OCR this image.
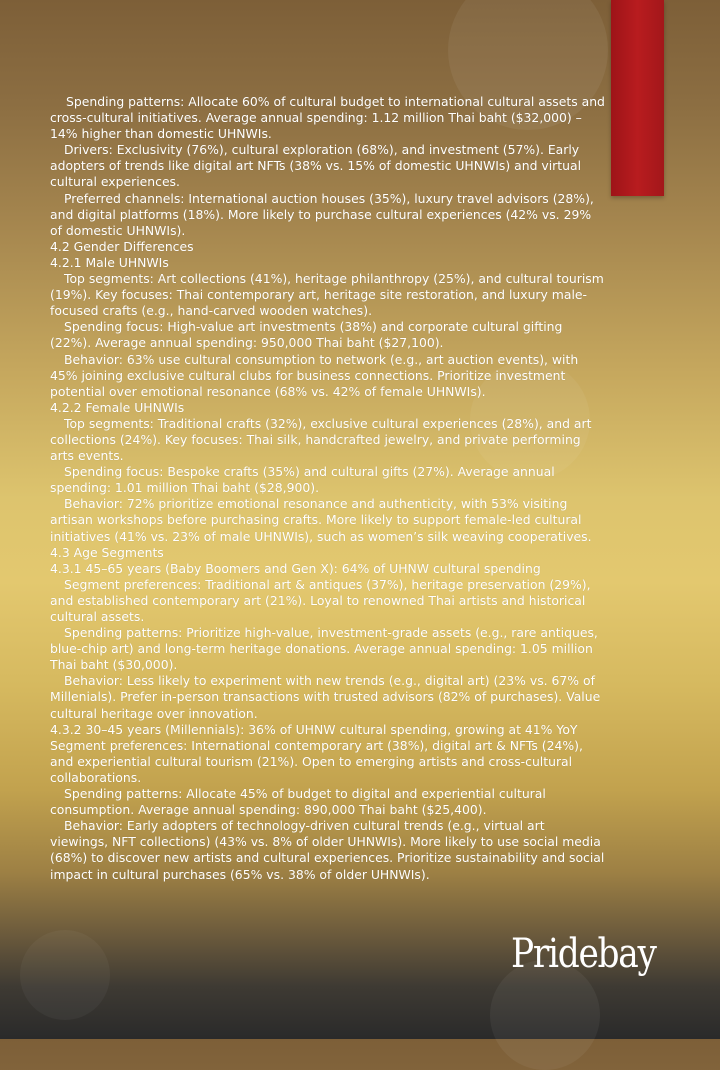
Spending patterns: Allocate 60% of cultural budget to international cultural assets and cross-cultural initiatives. Average annual spending: 1.12 million Thai baht ($32,000) – 14% higher than domestic UHNWIs.

Drivers: Exclusivity (76%), cultural exploration (68%), and investment (57%). Early adopters of trends like digital art NFTs (38% vs. 15% of domestic UHNWIs) and virtual cultural experiences.

Preferred channels: International auction houses (35%), luxury travel advisors (28%), and digital platforms (18%). More likely to purchase cultural experiences (42% vs. 29% of domestic UHNWIs).

4.2 Gender Differences

4.2.1 Male UHNWIs

Top segments: Art collections (41%), heritage philanthropy (25%), and cultural tourism (19%). Key focuses: Thai contemporary art, heritage site restoration, and luxury male-focused crafts (e.g., hand-carved wooden watches).

Spending focus: High-value art investments (38%) and corporate cultural gifting (22%). Average annual spending: 950,000 Thai baht ($27,100).

Behavior: 63% use cultural consumption to network (e.g., art auction events), with 45% joining exclusive cultural clubs for business connections. Prioritize investment potential over emotional resonance (68% vs. 42% of female UHNWIs).

4.2.2 Female UHNWIs

Top segments: Traditional crafts (32%), exclusive cultural experiences (28%), and art collections (24%). Key focuses: Thai silk, handcrafted jewelry, and private performing arts events.

Spending focus: Bespoke crafts (35%) and cultural gifts (27%). Average annual spending: 1.01 million Thai baht ($28,900).

Behavior: 72% prioritize emotional resonance and authenticity, with 53% visiting artisan workshops before purchasing crafts. More likely to support female-led cultural initiatives (41% vs. 23% of male UHNWIs), such as women’s silk weaving cooperatives.

4.3 Age Segments

4.3.1 45–65 years (Baby Boomers and Gen X): 64% of UHNW cultural spending

Segment preferences: Traditional art & antiques (37%), heritage preservation (29%), and established contemporary art (21%). Loyal to renowned Thai artists and historical cultural assets.

Spending patterns: Prioritize high-value, investment-grade assets (e.g., rare antiques, blue-chip art) and long-term heritage donations. Average annual spending: 1.05 million Thai baht ($30,000).

Behavior: Less likely to experiment with new trends (e.g., digital art) (23% vs. 67% of Millenials). Prefer in-person transactions with trusted advisors (82% of purchases). Value cultural heritage over innovation.

4.3.2 30–45 years (Millennials): 36% of UHNW cultural spending, growing at 41% YoY Segment preferences: International contemporary art (38%), digital art & NFTs (24%), and experiential cultural tourism (21%). Open to emerging artists and cross-cultural collaborations.

Spending patterns: Allocate 45% of budget to digital and experiential cultural consumption. Average annual spending: 890,000 Thai baht ($25,400).

Behavior: Early adopters of technology-driven cultural trends (e.g., virtual art viewings, NFT collections) (43% vs. 8% of older UHNWIs). More likely to use social media (68%) to discover new artists and cultural experiences. Prioritize sustainability and social impact in cultural purchases (65% vs. 38% of older UHNWIs).

Pridebay
